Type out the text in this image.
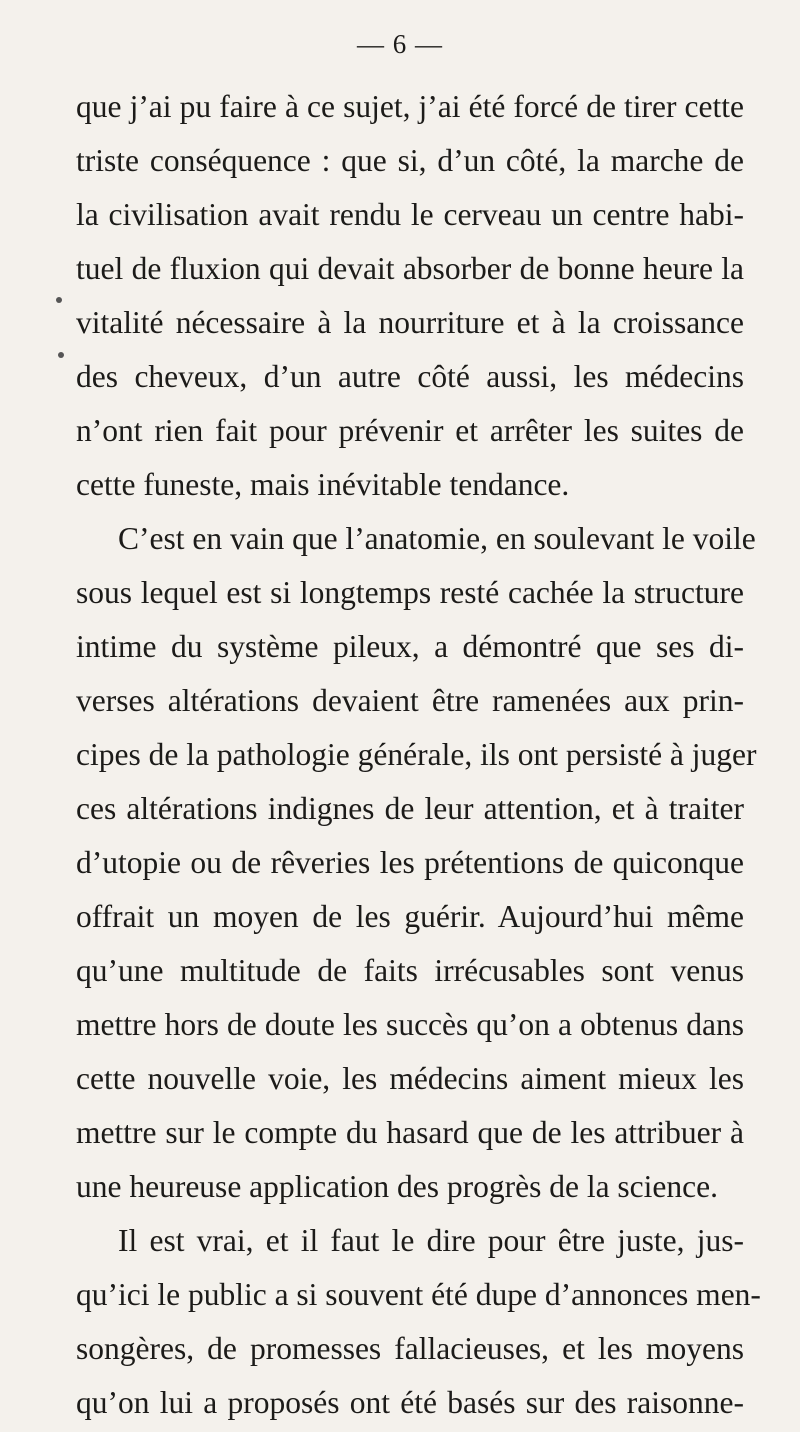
— 6 —
que j’ai pu faire à ce sujet, j’ai été forcé de tirer cette
triste conséquence : que si, d’un côté, la marche de
la civilisation avait rendu le cerveau un centre habi-
tuel de fluxion qui devait absorber de bonne heure la
vitalité nécessaire à la nourriture et à la croissance
des cheveux, d’un autre côté aussi, les médecins
n’ont rien fait pour prévenir et arrêter les suites de
cette funeste, mais inévitable tendance.
C’est en vain que l’anatomie, en soulevant le voile
sous lequel est si longtemps resté cachée la structure
intime du système pileux, a démontré que ses di-
verses altérations devaient être ramenées aux prin-
cipes de la pathologie générale, ils ont persisté à juger
ces altérations indignes de leur attention, et à traiter
d’utopie ou de rêveries les prétentions de quiconque
offrait un moyen de les guérir. Aujourd’hui même
qu’une multitude de faits irrécusables sont venus
mettre hors de doute les succès qu’on a obtenus dans
cette nouvelle voie, les médecins aiment mieux les
mettre sur le compte du hasard que de les attribuer à
une heureuse application des progrès de la science.
Il est vrai, et il faut le dire pour être juste, jus-
qu’ici le public a si souvent été dupe d’annonces men-
songères, de promesses fallacieuses, et les moyens
qu’on lui a proposés ont été basés sur des raisonne-
